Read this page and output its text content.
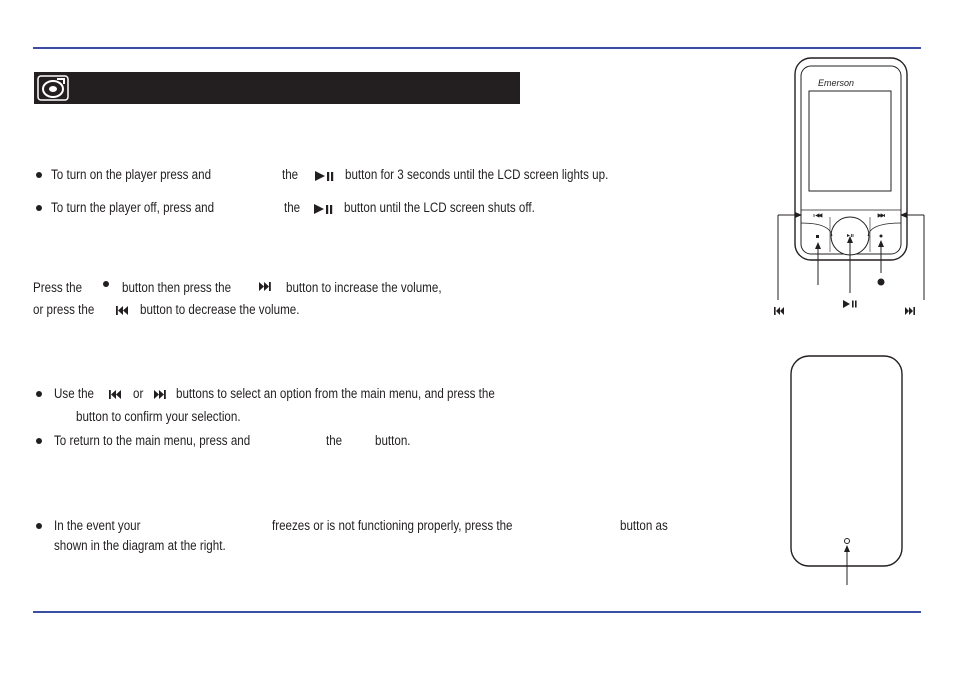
To turn on the player press and	the	button for 3 seconds until the LCD screen lights up.
To turn the player off, press and	the	button until the LCD screen shuts off.
Press the	button then press the	button to increase the volume,
or press the	button to decrease the volume.
Use the	or buttons to select an option from the main menu, and press the
button to confirm your selection.
To return to the main menu, press and	the button.
In the event your	freezes or is not functioning properly, press the	button as
shown in the diagram at the right.
Emerson
